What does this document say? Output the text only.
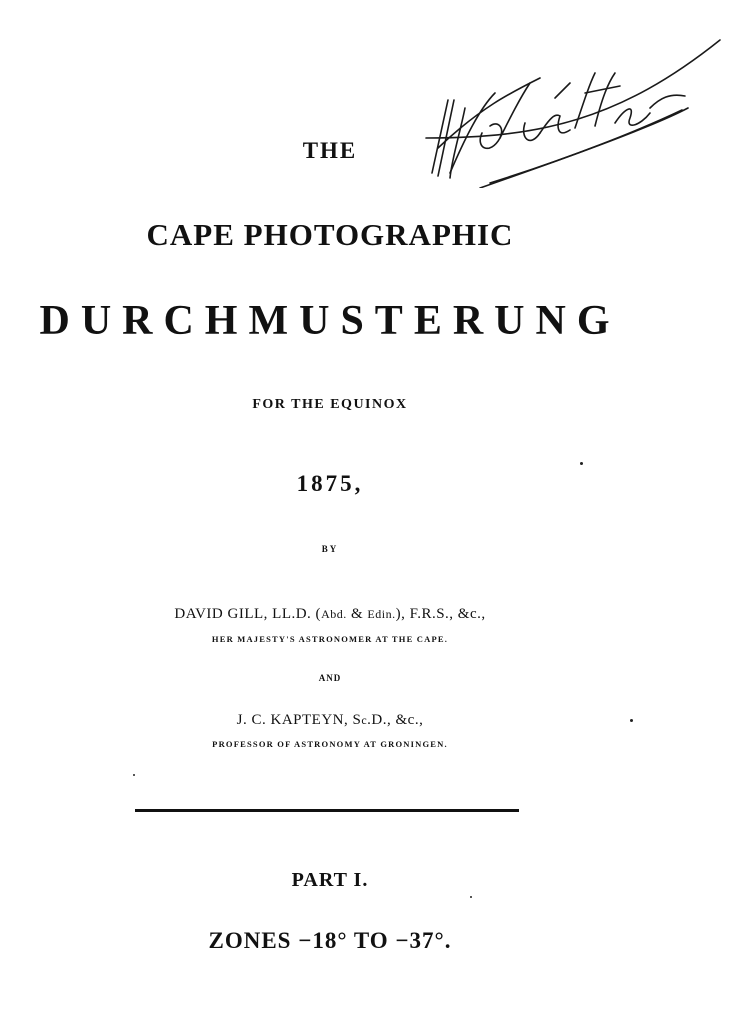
THE
CAPE PHOTOGRAPHIC
DURCHMUSTERUNG
FOR THE EQUINOX
1875,
BY
DAVID GILL, LL.D. (Abd. & Edin.), F.R.S., &c.,
HER MAJESTY'S ASTRONOMER AT THE CAPE.
AND
J. C. KAPTEYN, Sc.D., &c.,
PROFESSOR OF ASTRONOMY AT GRONINGEN.
PART I.
ZONES −18° TO −37°.
